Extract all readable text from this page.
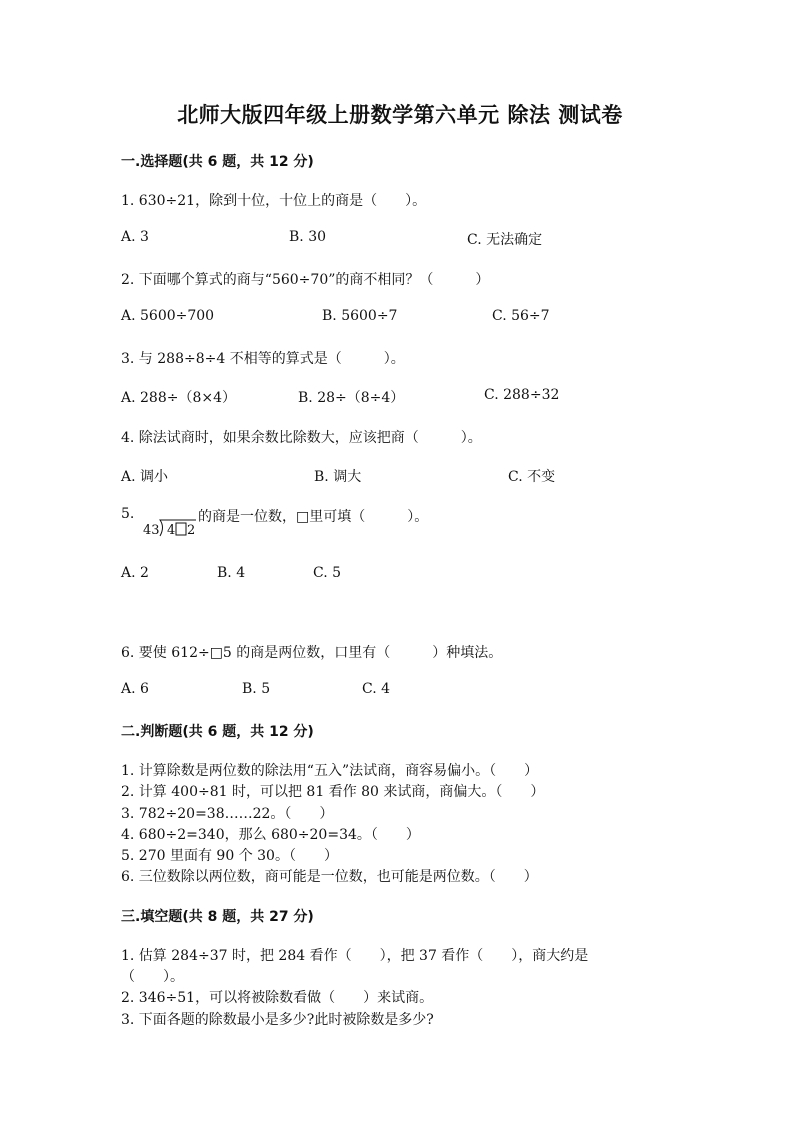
北师大版四年级上册数学第六单元 除法 测试卷
一.选择题(共 6 题，共 12 分)
1. 630÷21，除到十位，十位上的商是（　　）。
A. 3	B. 30	C. 无法确定
2. 下面哪个算式的商与“560÷70”的商不相同？（　　　）
A. 5600÷700	B. 5600÷7	C. 56÷7
3. 与 288÷8÷4 不相等的算式是（　　　）。
A. 288÷（8×4）	B. 28÷（8÷4）	C. 288÷32
4. 除法试商时，如果余数比除数大，应该把商（　　　）。
A. 调小	B. 调大	C. 不变
5.
43 4 2
的商是一位数，□里可填（　　　）。
A. 2	B. 4	C. 5
6. 要使 612÷□5 的商是两位数，口里有（　　　）种填法。
A. 6	B. 5	C. 4
二.判断题(共 6 题，共 12 分)
1. 计算除数是两位数的除法用“五入”法试商，商容易偏小。（　　）
2. 计算 400÷81 时，可以把 81 看作 80 来试商，商偏大。（　　）
3. 782÷20=38……22。（　　）
4. 680÷2=340，那么 680÷20=34。（　　）
5. 270 里面有 90 个 30。（　　）
6. 三位数除以两位数，商可能是一位数，也可能是两位数。（　　）
三.填空题(共 8 题，共 27 分)
1. 估算 284÷37 时，把 284 看作（　　），把 37 看作（　　），商大约是
（　　）。
2. 346÷51，可以将被除数看做（　　）来试商。
3. 下面各题的除数最小是多少?此时被除数是多少?
